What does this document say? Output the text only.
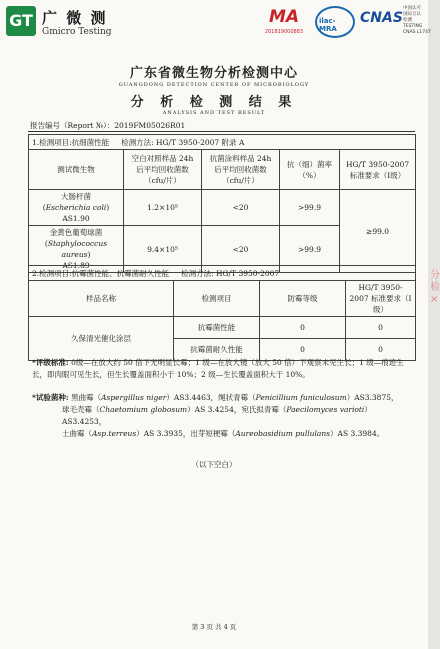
GT 广 微 测
Gmicro Testing
MA
201819000883
ilac-MRA
CNAS
中国认可
国际互认
检测
TESTING
CNAS L1747
广东省微生物分析检测中心
GUANGDONG DETECTION CENTER OF MICROBIOLOGY
分 析 检 测 结 果
ANALYSIS AND TEST RESULT
报告编号（Report №）：2019FM05026R01
1.检测项目:抗细菌性能 检测方法: HG/T 3950-2007 附录 A				
测试微生物	空白对照样品 24h 后平均回收菌数（cfu/片）	抗菌涂料样品 24h 后平均回收菌数（cfu/片）	抗（细）菌率（%）	HG/T 3950-2007 标准要求（I级）

大肠杆菌
(Escherichia coli)
AS1.90	1.2×10⁵	<20	>99.9	≥99.0

金黄色葡萄球菌
(Staphylococcus aureus)
AS1.89	9.4×10⁵	<20	>99.9	
2.检测项目:抗霉菌性能、抗霉菌耐久性能 检测方法: HG/T 3950-2007			
样品名称	检测项目	防霉等级	HG/T 3950-2007 标准要求（I级）
久保清光催化涂层	抗霉菌性能	0	0
	抗霉菌耐久性能	0	0
*评级标准: 0级—在放大约 50 倍下无明显长霉；1 级—在放大镜（放大 50 倍）下观察未见生长；1 级—痕迹生长，即肉眼可见生长，但生长覆盖面积小于 10%；2 级—生长覆盖面积大于 10%。
*试验菌种: 黑曲霉（Aspergillus niger）AS3.4463，绳状青霉（Penicillium funiculosum）AS3.3875，
球毛壳霉（Chaetomium globosum）AS 3.4254，宛氏拟青霉（Paecilomyces varioti）AS3.4253，
土曲霉（Asp.terreus）AS 3.3935，出芽短梗霉（Aureobasidium pullulans）AS 3.3984。
（以下空白）
第 3 页 共 4 页
分 检 ×
